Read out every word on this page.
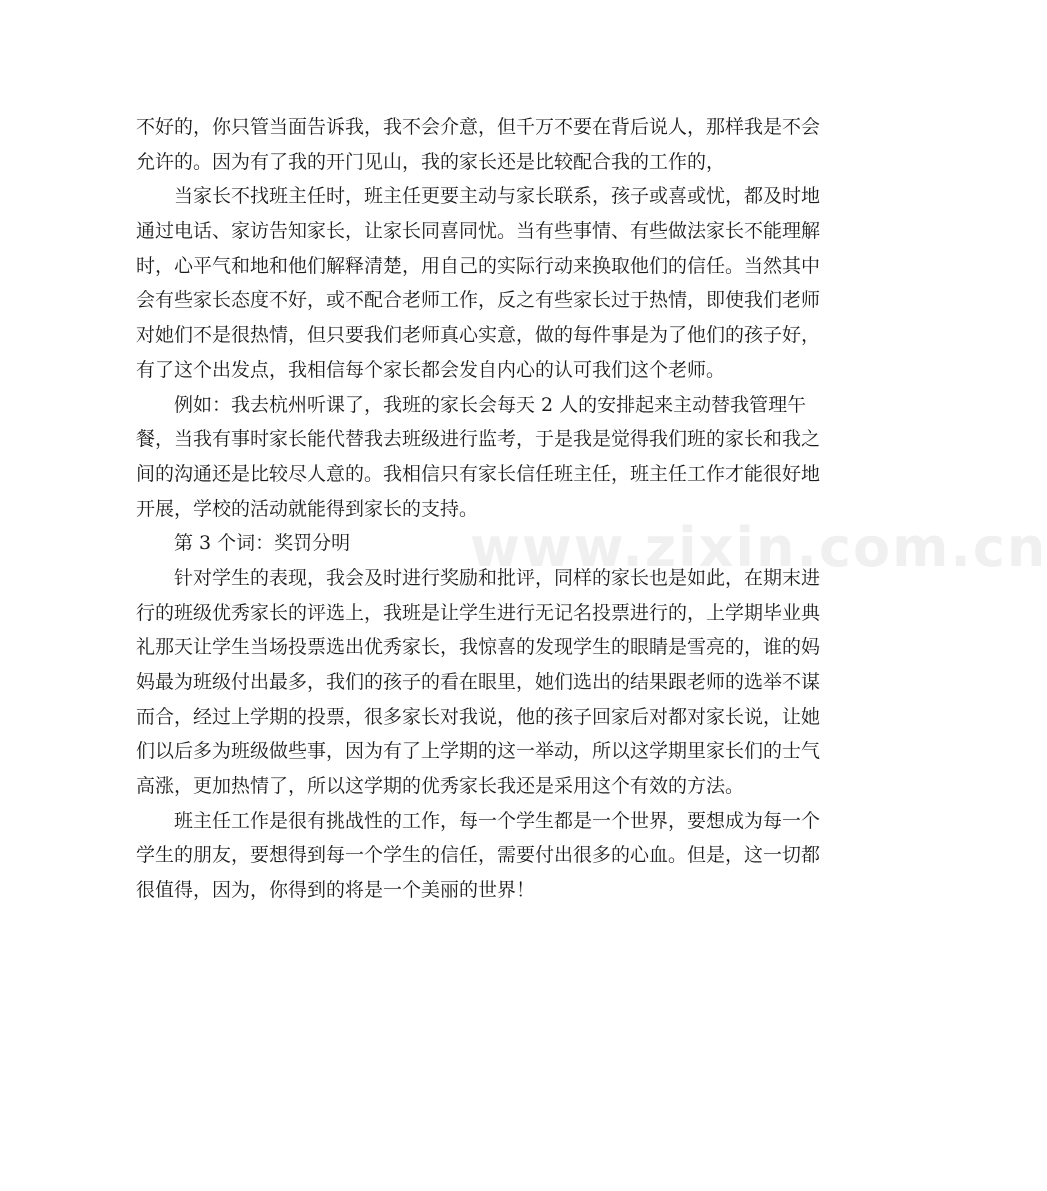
www.zixin.com.cn
不好的，你只管当面告诉我，我不会介意，但千万不要在背后说人，那样我是不会
允许的。因为有了我的开门见山，我的家长还是比较配合我的工作的，
当家长不找班主任时，班主任更要主动与家长联系，孩子或喜或忧，都及时地
通过电话、家访告知家长，让家长同喜同忧。当有些事情、有些做法家长不能理解
时，心平气和地和他们解释清楚，用自己的实际行动来换取他们的信任。当然其中
会有些家长态度不好，或不配合老师工作，反之有些家长过于热情，即使我们老师
对她们不是很热情，但只要我们老师真心实意，做的每件事是为了他们的孩子好，
有了这个出发点，我相信每个家长都会发自内心的认可我们这个老师。
例如：我去杭州听课了，我班的家长会每天 2 人的安排起来主动替我管理午
餐，当我有事时家长能代替我去班级进行监考，于是我是觉得我们班的家长和我之
间的沟通还是比较尽人意的。我相信只有家长信任班主任，班主任工作才能很好地
开展，学校的活动就能得到家长的支持。
第 3 个词：奖罚分明
针对学生的表现，我会及时进行奖励和批评，同样的家长也是如此，在期末进
行的班级优秀家长的评选上，我班是让学生进行无记名投票进行的，上学期毕业典
礼那天让学生当场投票选出优秀家长，我惊喜的发现学生的眼睛是雪亮的，谁的妈
妈最为班级付出最多，我们的孩子的看在眼里，她们选出的结果跟老师的选举不谋
而合，经过上学期的投票，很多家长对我说，他的孩子回家后对都对家长说，让她
们以后多为班级做些事，因为有了上学期的这一举动，所以这学期里家长们的士气
高涨，更加热情了，所以这学期的优秀家长我还是采用这个有效的方法。
班主任工作是很有挑战性的工作，每一个学生都是一个世界，要想成为每一个
学生的朋友，要想得到每一个学生的信任，需要付出很多的心血。但是，这一切都
很值得，因为，你得到的将是一个美丽的世界！
